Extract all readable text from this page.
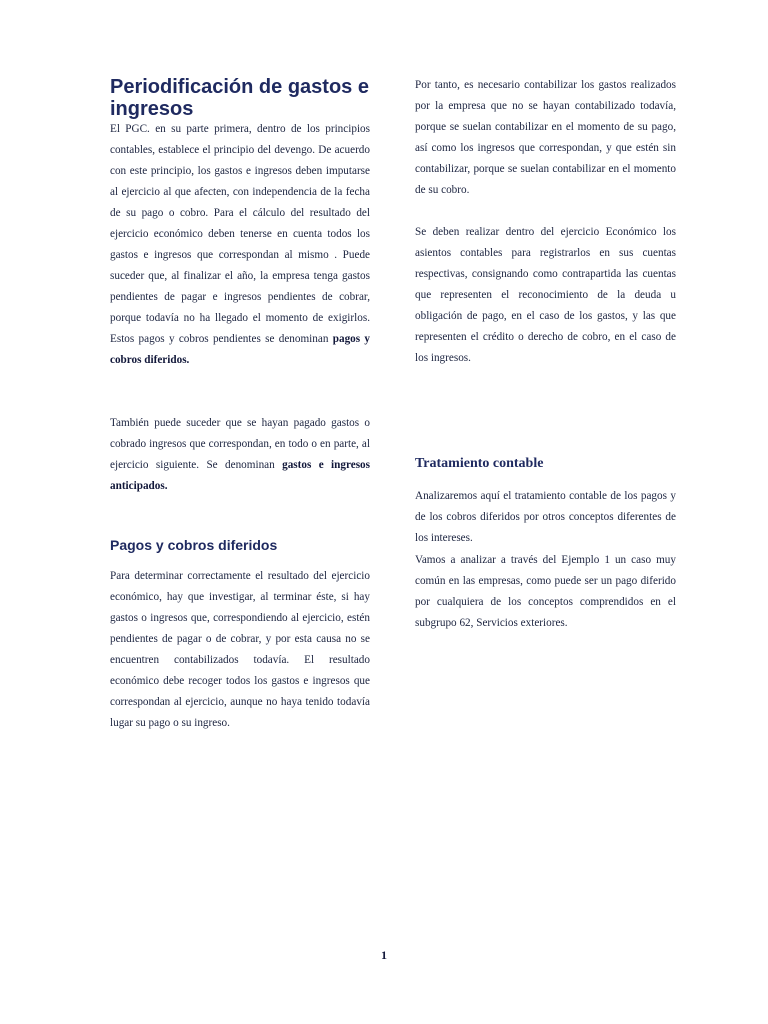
Periodificación de gastos e ingresos

El PGC. en su parte primera, dentro de los principios contables, establece el principio del devengo. De acuerdo con este principio, los gastos e ingresos deben imputarse al ejercicio al que afecten, con independencia de la fecha de su pago o cobro. Para el cálculo del resultado del ejercicio económico deben tenerse en cuenta todos los gastos e ingresos que correspondan al mismo . Puede suceder que, al finalizar el año, la empresa tenga gastos pendientes de pagar e ingresos pendientes de cobrar, porque todavía no ha llegado el momento de exigirlos. Estos pagos y cobros pendientes se denominan pagos y cobros diferidos.

También puede suceder que se hayan pagado gastos o cobrado ingresos que correspondan, en todo o en parte, al ejercicio siguiente. Se denominan gastos e ingresos anticipados.

Pagos y cobros diferidos

Para determinar correctamente el resultado del ejercicio económico, hay que investigar, al terminar éste, si hay gastos o ingresos que, correspondiendo al ejercicio, estén pendientes de pagar o de cobrar, y por esta causa no se encuentren contabilizados todavía. El resultado económico debe recoger todos los gastos e ingresos que correspondan al ejercicio, aunque no haya tenido todavía lugar su pago o su ingreso.

Por tanto, es necesario contabilizar los gastos realizados por la empresa que no se hayan contabilizado todavía, porque se suelan contabilizar en el momento de su pago, así como los ingresos que correspondan, y que estén sin contabilizar, porque se suelan contabilizar en el momento de su cobro.

Se deben realizar dentro del ejercicio Económico los asientos contables para registrarlos en sus cuentas respectivas, consignando como contrapartida las cuentas que representen el reconocimiento de la deuda u obligación de pago, en el caso de los gastos, y las que representen el crédito o derecho de cobro, en el caso de los ingresos.

Tratamiento contable

Analizaremos aquí el tratamiento contable de los pagos y de los cobros diferidos por otros conceptos diferentes de los intereses.

Vamos a analizar a través del Ejemplo 1 un caso muy común en las empresas, como puede ser un pago diferido por cualquiera de los conceptos comprendidos en el subgrupo 62, Servicios exteriores.

1
